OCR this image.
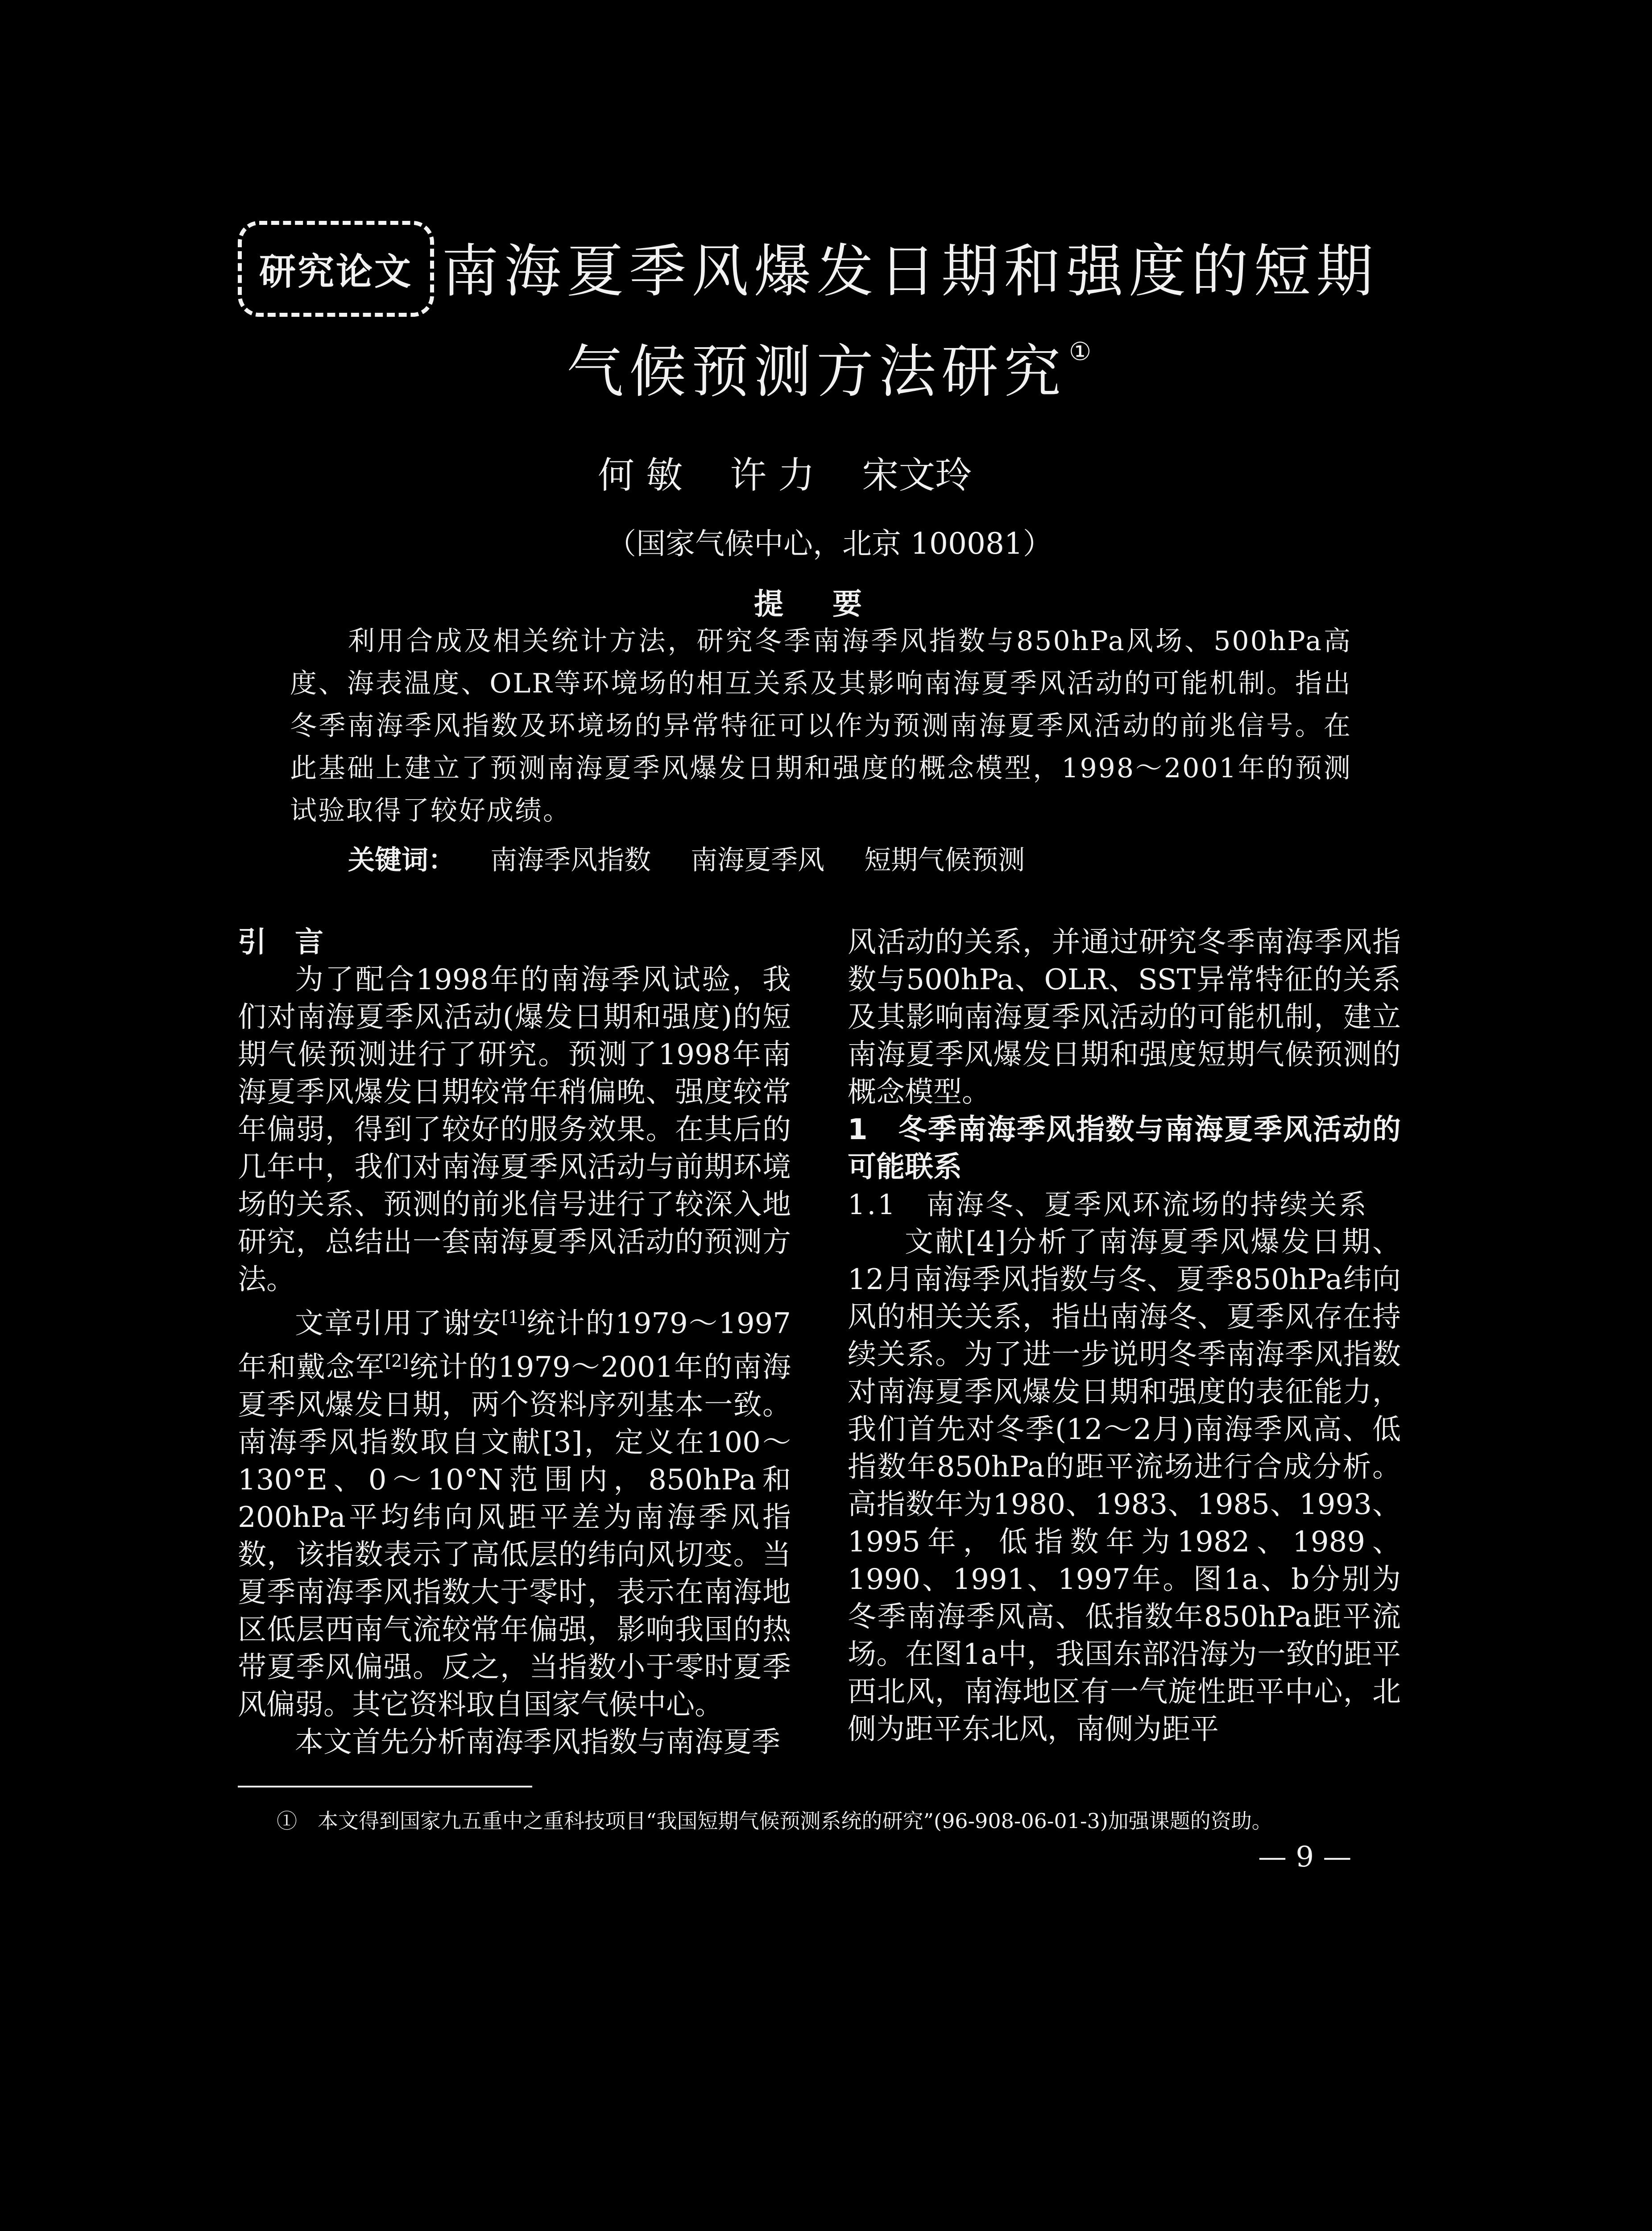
研究论文 南海夏季风爆发日期和强度的短期
气候预测方法研究 ①
何 敏 许 力 宋文玲
（国家气候中心，北京 100081）
提要
利用合成及相关统计方法，研究冬季南海季风指数与850hPa风场、500hPa高度、海表温度、OLR等环境场的相互关系及其影响南海夏季风活动的可能机制。指出冬季南海季风指数及环境场的异常特征可以作为预测南海夏季风活动的前兆信号。在此基础上建立了预测南海夏季风爆发日期和强度的概念模型，1998～2001年的预测试验取得了较好成绩。
关键词： 南海季风指数 南海夏季风 短期气候预测
引　言

为了配合1998年的南海季风试验，我们对南海夏季风活动(爆发日期和强度)的短期气候预测进行了研究。预测了1998年南海夏季风爆发日期较常年稍偏晚、强度较常年偏弱，得到了较好的服务效果。在其后的几年中，我们对南海夏季风活动与前期环境场的关系、预测的前兆信号进行了较深入地研究，总结出一套南海夏季风活动的预测方法。

文章引用了谢安[1]统计的1979～1997年和戴念军[2]统计的1979～2001年的南海夏季风爆发日期，两个资料序列基本一致。南海季风指数取自文献[3]，定义在100～130°E、0～10°N范围内，850hPa和200hPa平均纬向风距平差为南海季风指数，该指数表示了高低层的纬向风切变。当夏季南海季风指数大于零时，表示在南海地区低层西南气流较常年偏强，影响我国的热带夏季风偏强。反之，当指数小于零时夏季风偏弱。其它资料取自国家气候中心。

本文首先分析南海季风指数与南海夏季

风活动的关系，并通过研究冬季南海季风指数与500hPa、OLR、SST异常特征的关系及其影响南海夏季风活动的可能机制，建立南海夏季风爆发日期和强度短期气候预测的概念模型。

1　冬季南海季风指数与南海夏季风活动的可能联系
1.1　南海冬、夏季风环流场的持续关系

文献[4]分析了南海夏季风爆发日期、12月南海季风指数与冬、夏季850hPa纬向风的相关关系，指出南海冬、夏季风存在持续关系。为了进一步说明冬季南海季风指数对南海夏季风爆发日期和强度的表征能力，我们首先对冬季(12～2月)南海季风高、低指数年850hPa的距平流场进行合成分析。高指数年为1980、1983、1985、1993、1995年，低指数年为1982、1989、1990、1991、1997年。图1a、b分别为冬季南海季风高、低指数年850hPa距平流场。在图1a中，我国东部沿海为一致的距平西北风，南海地区有一气旋性距平中心，北侧为距平东北风，南侧为距平

①　本文得到国家九五重中之重科技项目“我国短期气候预测系统的研究”(96-908-06-01-3)加强课题的资助。
— 9 —
